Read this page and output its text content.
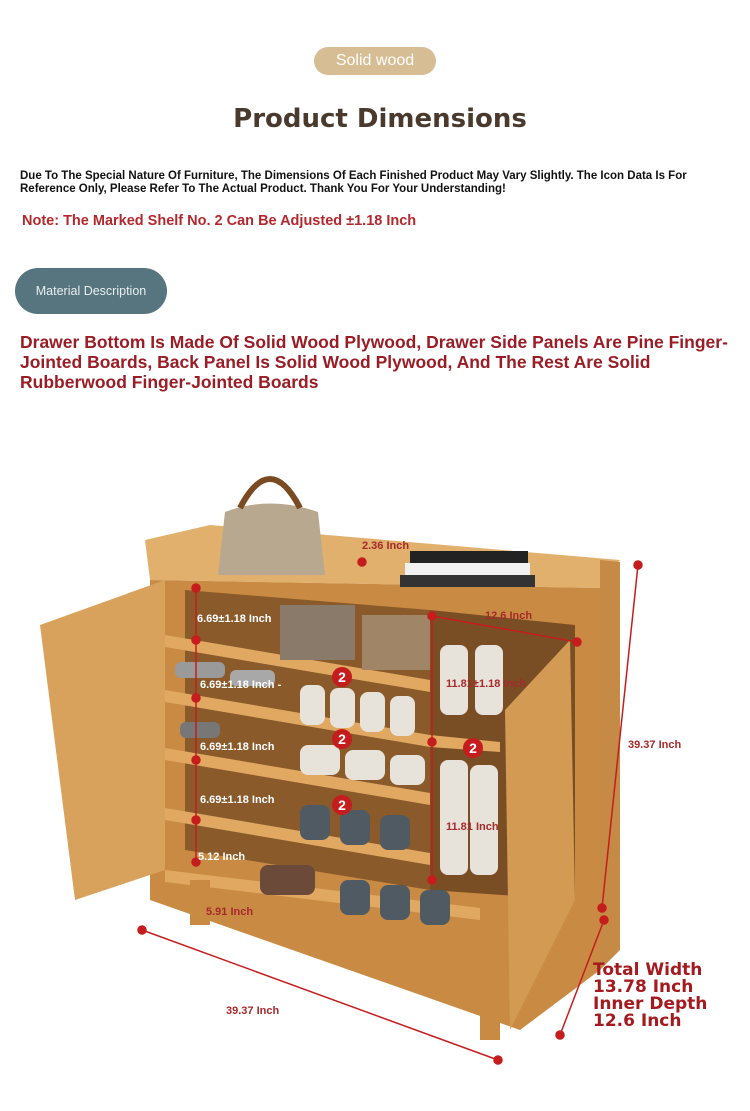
Solid wood
Product Dimensions
Due To The Special Nature Of Furniture, The Dimensions Of Each Finished Product May Vary Slightly. The Icon Data Is For Reference Only, Please Refer To The Actual Product. Thank You For Your Understanding!
Note: The Marked Shelf No. 2 Can Be Adjusted ±1.18 Inch
Material Description
Drawer Bottom Is Made Of Solid Wood Plywood, Drawer Side Panels Are Pine Finger-Jointed Boards, Back Panel Is Solid Wood Plywood, And The Rest Are Solid Rubberwood Finger-Jointed Boards
2
2
2
2
2.36 Inch
6.69±1.18 Inch
6.69±1.18 Inch -
6.69±1.18 Inch
6.69±1.18 Inch
5.12 Inch
5.91 Inch
12.6 Inch
11.81±1.18 Inch
11.81 Inch
39.37 Inch
39.37 Inch
Total Width
13.78 Inch
Inner Depth
12.6 Inch
